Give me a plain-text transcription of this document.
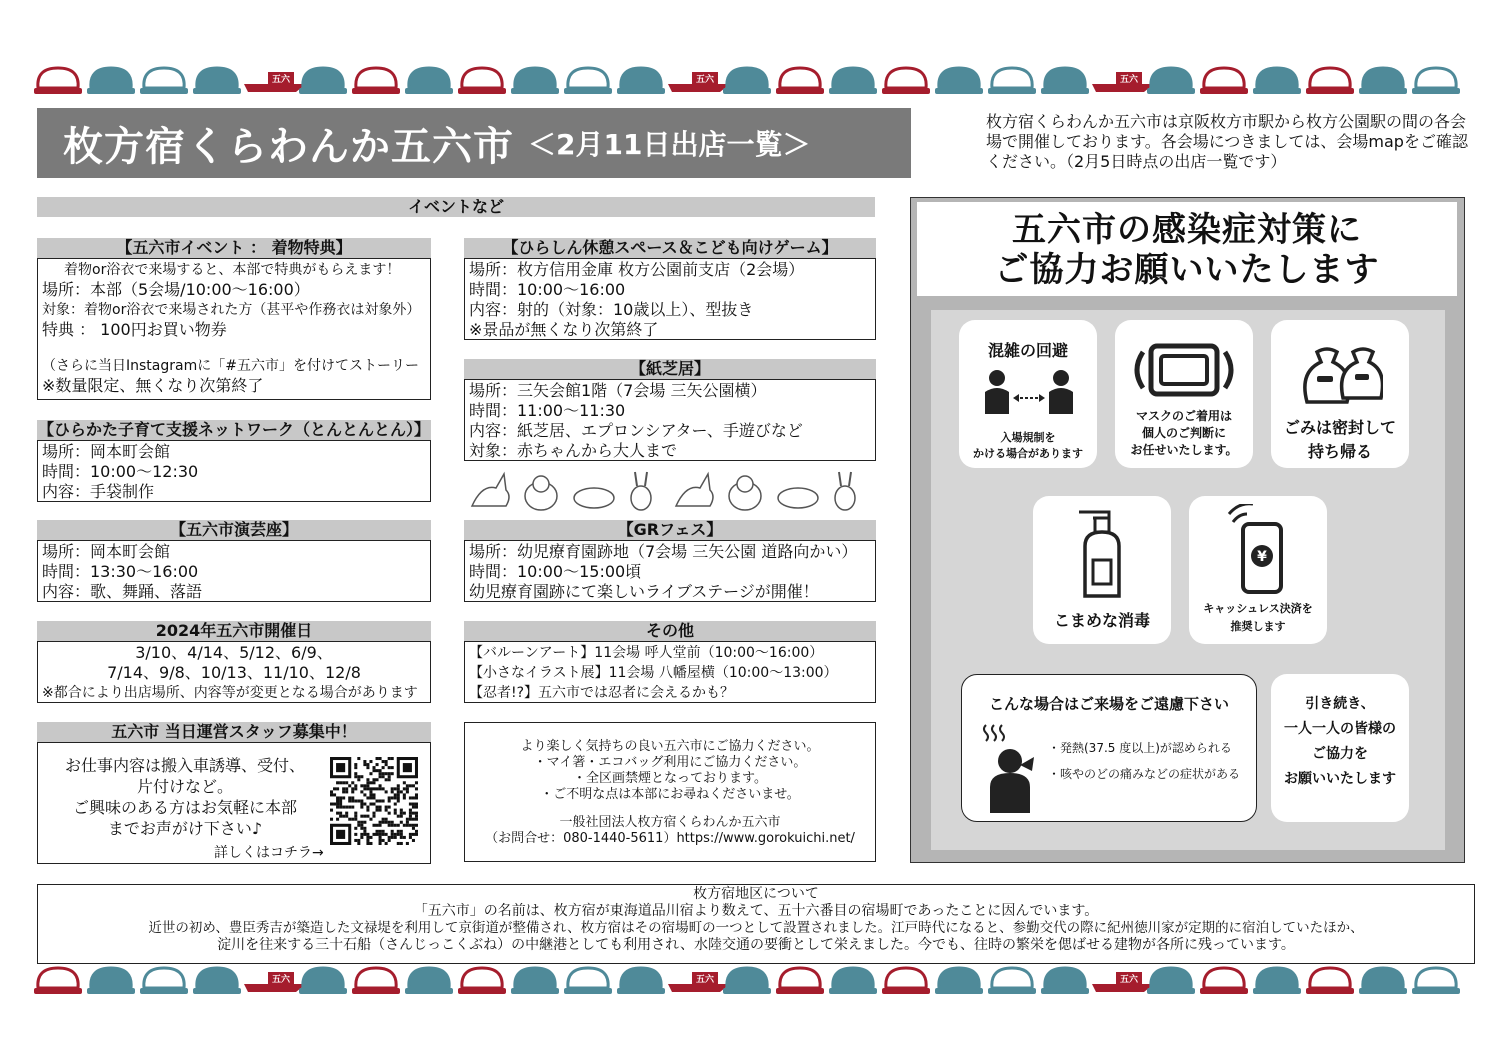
五六	五六	五六
枚方宿くらわんか五六市 ＜2月11日出店一覧＞
枚方宿くらわんか五六市は京阪枚方市駅から枚方公園駅の間の各会場で開催しております。各会場につきましては、会場mapをご確認ください。（2月5日時点の出店一覧です）
イベントなど
【五六市イベント ： 着物特典】
着物or浴衣で来場すると、本部で特典がもらえます！
場所：本部（5会場/10:00～16:00）
対象：着物or浴衣で来場された方（甚平や作務衣は対象外）
特典 ： 100円お買い物券
（さらに当日Instagramに「#五六市」を付けてストーリー
※数量限定、無くなり次第終了
【ひらかた子育て支援ネットワーク（とんとんとん）】
場所：岡本町会館
時間：10:00～12:30
内容：手袋制作
【五六市演芸座】
場所：岡本町会館
時間：13:30～16:00
内容：歌、舞踊、落語
2024年五六市開催日
3/10、4/14、5/12、6/9、
7/14、9/8、10/13、11/10、12/8
※都合により出店場所、内容等が変更となる場合があります
五六市 当日運営スタッフ募集中！
お仕事内容は搬入車誘導、受付、
片付けなど。
ご興味のある方はお気軽に本部
までお声がけ下さい♪
詳しくはコチラ→
【ひらしん休憩スペース＆こども向けゲーム】
場所：枚方信用金庫 枚方公園前支店（2会場）
時間：10:00～16:00
内容：射的（対象：10歳以上）、型抜き
※景品が無くなり次第終了
【紙芝居】
場所：三矢会館1階（7会場 三矢公園横）
時間：11:00～11:30
内容：紙芝居、エプロンシアター、手遊びなど
対象：赤ちゃんから大人まで
【GRフェス】
場所：幼児療育園跡地（7会場 三矢公園 道路向かい）
時間：10:00～15:00頃
幼児療育園跡にて楽しいライブステージが開催！
その他
【バルーンアート】11会場 呼人堂前（10:00～16:00）
【小さなイラスト展】11会場 八幡屋横（10:00～13:00）
【忍者!?】五六市では忍者に会えるかも？
より楽しく気持ちの良い五六市にご協力ください。
・マイ箸・エコバッグ利用にご協力ください。
・全区画禁煙となっております。
・ご不明な点は本部にお尋ねくださいませ。
一般社団法人枚方宿くらわんか五六市
（お問合せ：080-1440-5611）https://www.gorokuichi.net/
五六市の感染症対策に
ご協力お願いいたします
混雑の回避
入場規制を
かける場合があります
マスクのご着用は
個人のご判断に
お任せいたします。
ごみは密封して
持ち帰る
こまめな消毒
¥
キャッシュレス決済を
推奨します
こんな場合はご来場をご遠慮下さい
・発熱(37.5 度以上)が認められる
・咳やのどの痛みなどの症状がある
引き続き、
一人一人の皆様の
ご協力を
お願いいたします
枚方宿地区について
「五六市」の名前は、枚方宿が東海道品川宿より数えて、五十六番目の宿場町であったことに因んでいます。
近世の初め、豊臣秀吉が築造した文禄堤を利用して京街道が整備され、枚方宿はその宿場町の一つとして設置されました。江戸時代になると、参勤交代の際に紀州徳川家が定期的に宿泊していたほか、
淀川を往来する三十石船（さんじっこくぶね）の中継港としても利用され、水陸交通の要衝として栄えました。今でも、往時の繁栄を偲ばせる建物が各所に残っています。
五六	五六	五六
